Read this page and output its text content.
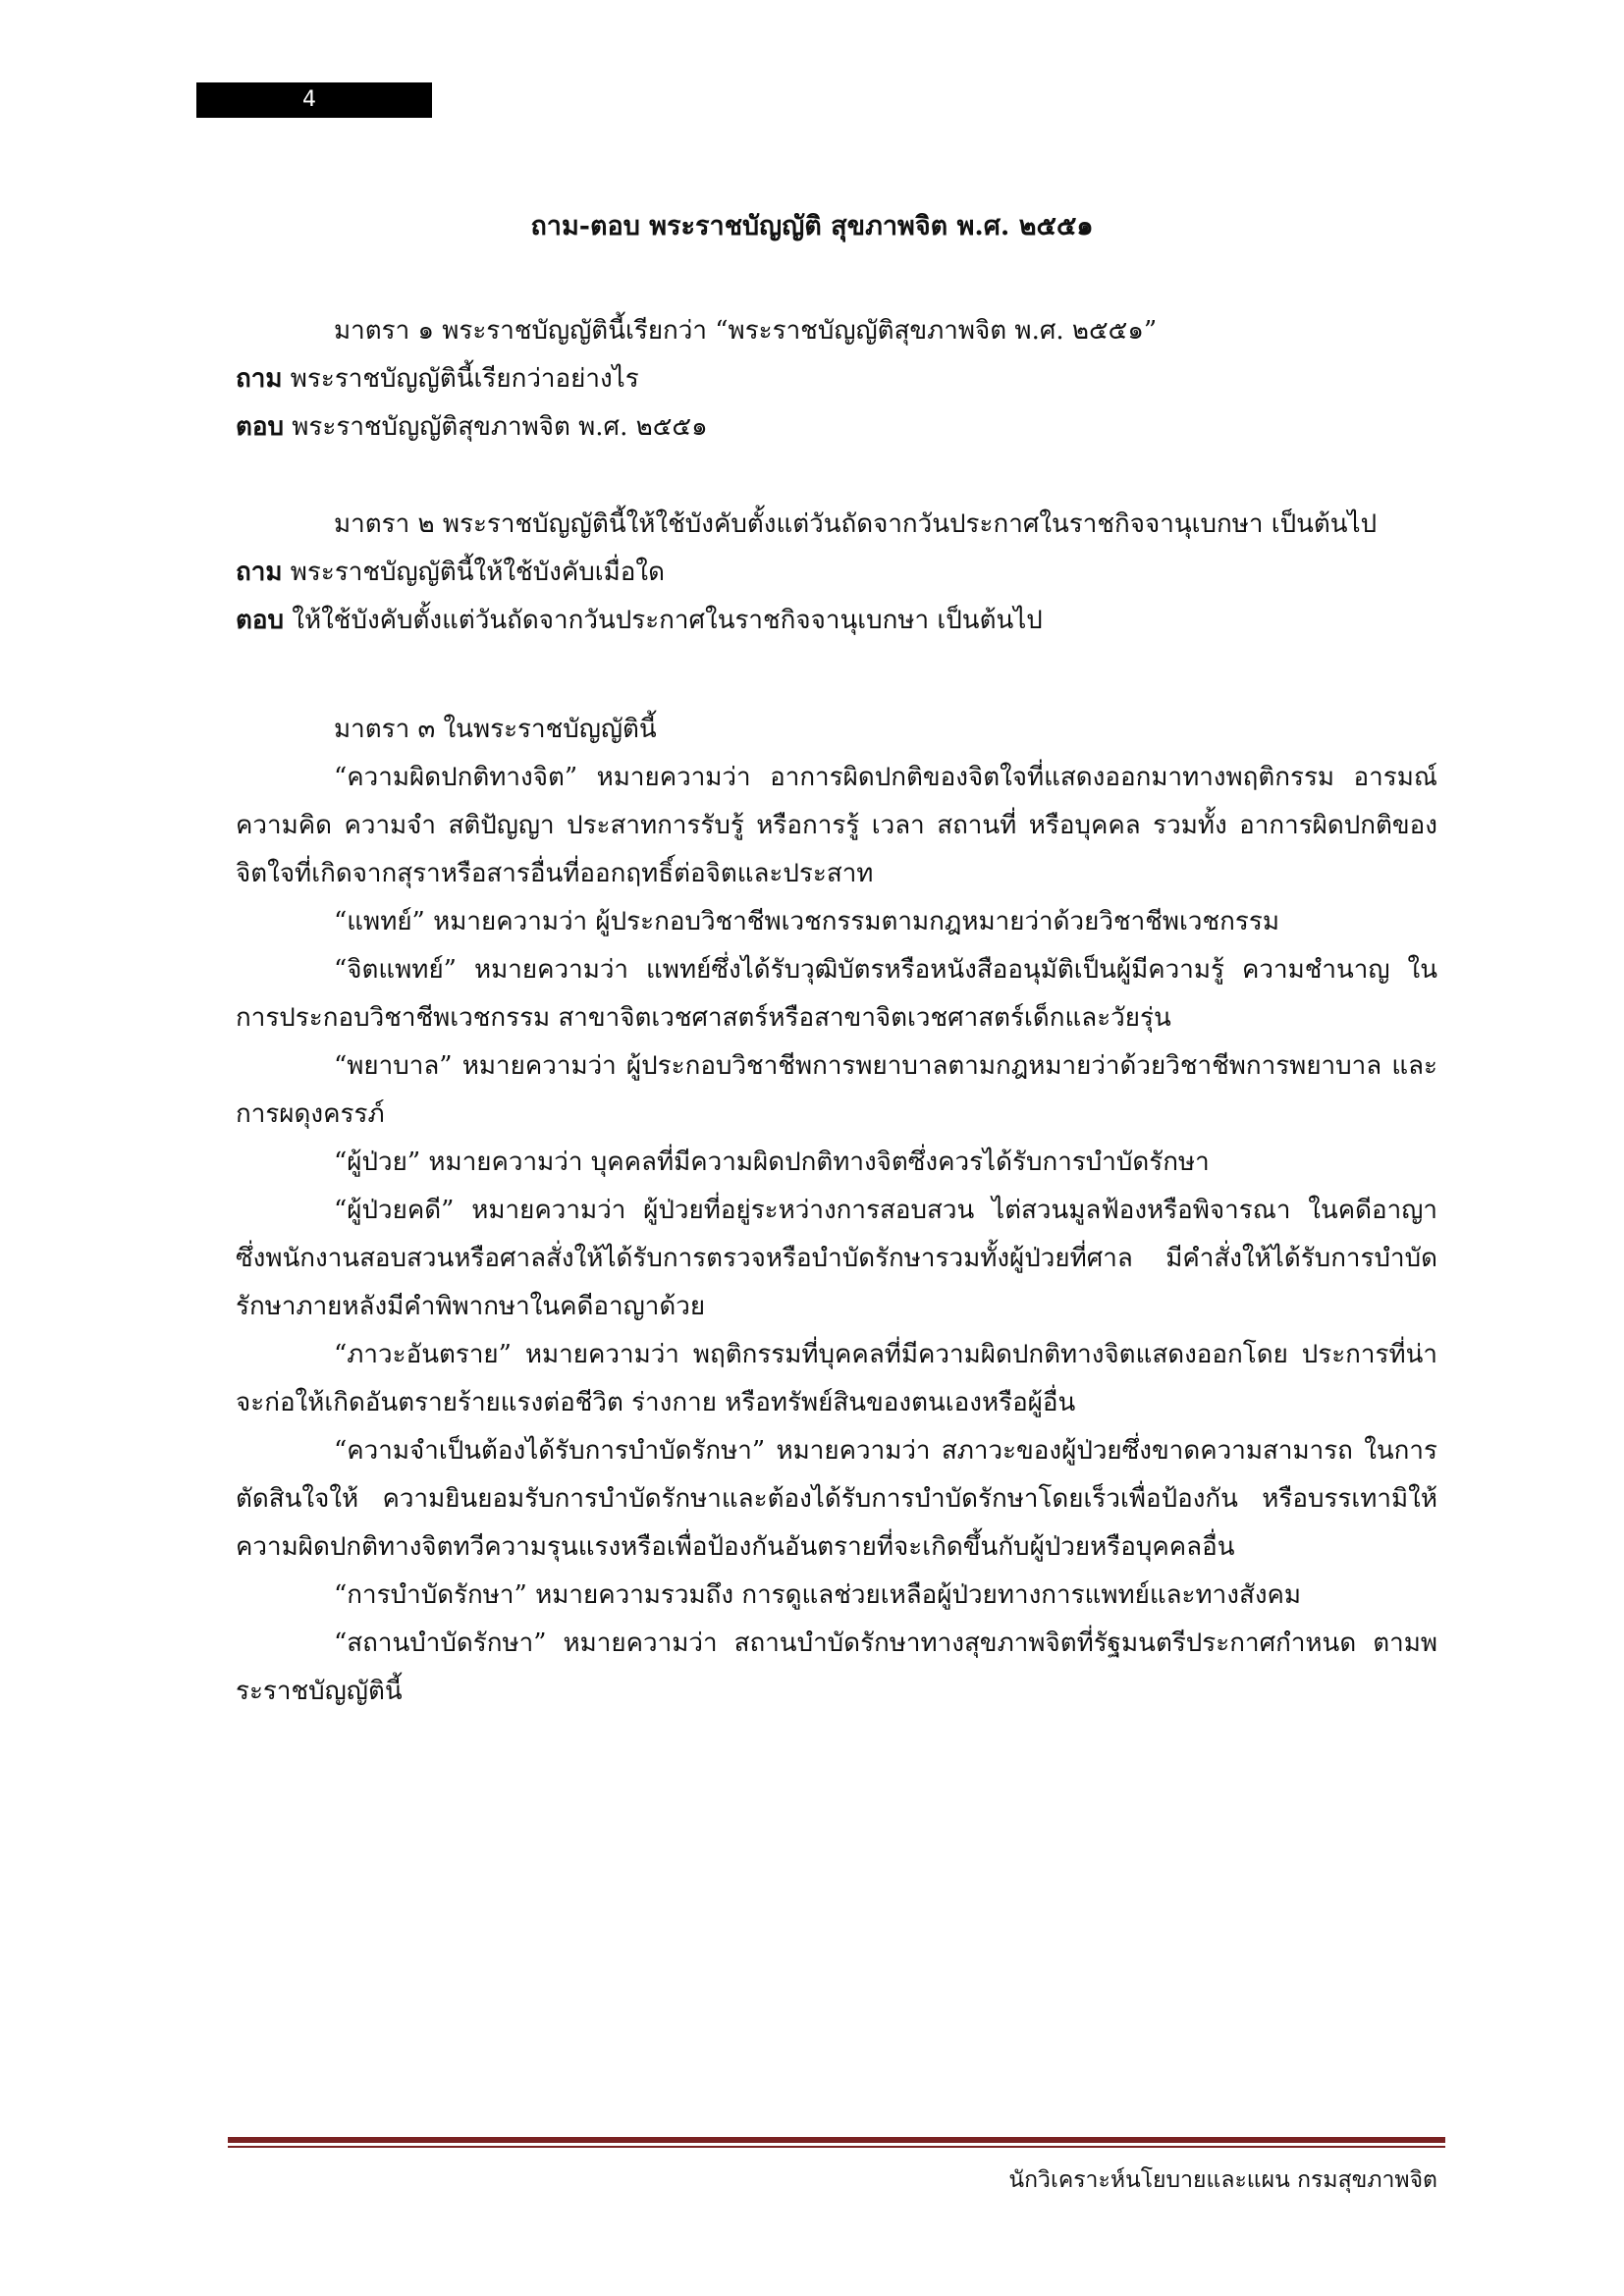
4
ถาม-ตอบ พระราชบัญญัติ สุขภาพจิต พ.ศ. ๒๕๕๑

มาตรา ๑ พระราชบัญญัตินี้เรียกว่า “พระราชบัญญัติสุขภาพจิต พ.ศ. ๒๕๕๑”

ถาม พระราชบัญญัตินี้เรียกว่าอย่างไร

ตอบ พระราชบัญญัติสุขภาพจิต พ.ศ. ๒๕๕๑

มาตรา ๒ พระราชบัญญัตินี้ให้ใช้บังคับตั้งแต่วันถัดจากวันประกาศในราชกิจจานุเบกษา เป็นต้นไป

ถาม พระราชบัญญัตินี้ให้ใช้บังคับเมื่อใด

ตอบ ให้ใช้บังคับตั้งแต่วันถัดจากวันประกาศในราชกิจจานุเบกษา เป็นต้นไป

มาตรา ๓ ในพระราชบัญญัตินี้

“ความผิดปกติทางจิต” หมายความว่า อาการผิดปกติของจิตใจที่แสดงออกมาทางพฤติกรรม อารมณ์ ความคิด ความจำ สติปัญญา ประสาทการรับรู้ หรือการรู้ เวลา สถานที่ หรือบุคคล รวมทั้ง อาการผิดปกติของจิตใจที่เกิดจากสุราหรือสารอื่นที่ออกฤทธิ์ต่อจิตและประสาท

“แพทย์” หมายความว่า ผู้ประกอบวิชาชีพเวชกรรมตามกฎหมายว่าด้วยวิชาชีพเวชกรรม

“จิตแพทย์” หมายความว่า แพทย์ซึ่งได้รับวุฒิบัตรหรือหนังสืออนุมัติเป็นผู้มีความรู้ ความชำนาญ ในการประกอบวิชาชีพเวชกรรม สาขาจิตเวชศาสตร์หรือสาขาจิตเวชศาสตร์เด็กและวัยรุ่น

“พยาบาล” หมายความว่า ผู้ประกอบวิชาชีพการพยาบาลตามกฎหมายว่าด้วยวิชาชีพการพยาบาล และการผดุงครรภ์

“ผู้ป่วย” หมายความว่า บุคคลที่มีความผิดปกติทางจิตซึ่งควรได้รับการบำบัดรักษา

“ผู้ป่วยคดี” หมายความว่า ผู้ป่วยที่อยู่ระหว่างการสอบสวน ไต่สวนมูลฟ้องหรือพิจารณา ในคดีอาญา ซึ่งพนักงานสอบสวนหรือศาลสั่งให้ได้รับการตรวจหรือบำบัดรักษารวมทั้งผู้ป่วยที่ศาล มีคำสั่งให้ได้รับการบำบัดรักษาภายหลังมีคำพิพากษาในคดีอาญาด้วย

“ภาวะอันตราย” หมายความว่า พฤติกรรมที่บุคคลที่มีความผิดปกติทางจิตแสดงออกโดย ประการที่น่าจะก่อให้เกิดอันตรายร้ายแรงต่อชีวิต ร่างกาย หรือทรัพย์สินของตนเองหรือผู้อื่น

“ความจำเป็นต้องได้รับการบำบัดรักษา” หมายความว่า สภาวะของผู้ป่วยซึ่งขาดความสามารถ ในการตัดสินใจให้ ความยินยอมรับการบำบัดรักษาและต้องได้รับการบำบัดรักษาโดยเร็วเพื่อป้องกัน หรือบรรเทามิให้ ความผิดปกติทางจิตทวีความรุนแรงหรือเพื่อป้องกันอันตรายที่จะเกิดขึ้นกับผู้ป่วยหรือบุคคลอื่น

“การบำบัดรักษา” หมายความรวมถึง การดูแลช่วยเหลือผู้ป่วยทางการแพทย์และทางสังคม

“สถานบำบัดรักษา” หมายความว่า สถานบำบัดรักษาทางสุขภาพจิตที่รัฐมนตรีประกาศกำหนด ตามพระราชบัญญัตินี้

นักวิเคราะห์นโยบายและแผน กรมสุขภาพจิต
